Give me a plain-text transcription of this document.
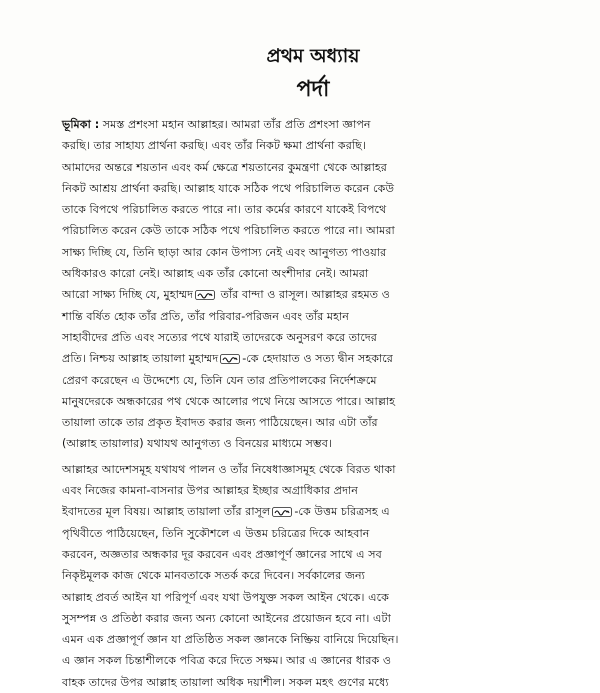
প্রথম অধ্যায়
পর্দা

ভূমিকা : সমস্ত প্রশংসা মহান আল্লাহর। আমরা তাঁর প্রতি প্রশংসা জ্ঞাপন
করছি। তার সাহায্য প্রার্থনা করছি। এবং তাঁর নিকট ক্ষমা প্রার্থনা করছি।
আমাদের অন্তরে শয়তান এবং কর্ম ক্ষেত্রে শয়তানের কুমন্ত্রণা থেকে আল্লাহর
নিকট আশ্রয় প্রার্থনা করছি। আল্লাহ যাকে সঠিক পথে পরিচালিত করেন কেউ
তাকে বিপথে পরিচালিত করতে পারে না। তার কর্মের কারণে যাকেই বিপথে
পরিচালিত করেন কেউ তাকে সঠিক পথে পরিচালিত করতে পারে না। আমরা
সাক্ষ্য দিচ্ছি যে, তিনি ছাড়া আর কোন উপাস্য নেই এবং আনুগত্য পাওয়ার
অধিকারও কারো নেই। আল্লাহ এক তাঁর কোনো অংশীদার নেই। আমরা
আরো সাক্ষ্য দিচ্ছি যে, মুহাম্মদ তাঁর বান্দা ও রাসূল। আল্লাহর রহমত ও
শান্তি বর্ষিত হোক তাঁর প্রতি, তাঁর পরিবার-পরিজন এবং তাঁর মহান
সাহাবীদের প্রতি এবং সত্যের পথে যারাই তাদেরকে অনুসরণ করে তাদের
প্রতি। নিশ্চয় আল্লাহ তায়ালা মুহাম্মদ -কে হেদায়াত ও সত্য দ্বীন সহকারে
প্রেরণ করেছেন এ উদ্দেশ্যে যে, তিনি যেন তার প্রতিপালকের নির্দেশক্রমে
মানুষদেরকে অন্ধকারের পথ থেকে আলোর পথে নিয়ে আসতে পারে। আল্লাহ
তায়ালা তাকে তার প্রকৃত ইবাদত করার জন্য পাঠিয়েছেন। আর এটা তাঁর
(আল্লাহ তায়ালার) যথাযথ আনুগত্য ও বিনয়ের মাধ্যমে সম্ভব।

আল্লাহর আদেশসমূহ যথাযথ পালন ও তাঁর নিষেধাজ্ঞাসমূহ থেকে বিরত থাকা
এবং নিজের কামনা-বাসনার উপর আল্লাহর ইচ্ছার অগ্রাধিকার প্রদান
ইবাদতের মূল বিষয়। আল্লাহ তায়ালা তাঁর রাসূল -কে উত্তম চরিত্রসহ এ
পৃথিবীতে পাঠিয়েছেন, তিনি সুকৌশলে এ উত্তম চরিত্রের দিকে আহবান
করবেন, অজ্ঞতার অন্ধকার দূর করবেন এবং প্রজ্ঞাপূর্ণ জ্ঞানের সাথে এ সব
নিকৃষ্টমূলক কাজ থেকে মানবতাকে সতর্ক করে দিবেন। সর্বকালের জন্য
আল্লাহ প্রবর্ত আইন যা পরিপূর্ণ এবং যথা উপযুক্ত সকল আইন থেকে। একে
সুসম্পন্ন ও প্রতিষ্ঠা করার জন্য অন্য কোনো আইনের প্রয়োজন হবে না। এটা
এমন এক প্রজ্ঞাপূর্ণ জ্ঞান যা প্রতিষ্ঠিত সকল জ্ঞানকে নিষ্ক্রিয় বানিয়ে দিয়েছিন।
এ জ্ঞান সকল চিন্তাশীলকে পবিত্র করে দিতে সক্ষম। আর এ জ্ঞানের ধারক ও
বাহক তাদের উপর আল্লাহ তায়ালা অধিক দয়াশীল। সকল মহৎ গুণের মধ্যে
